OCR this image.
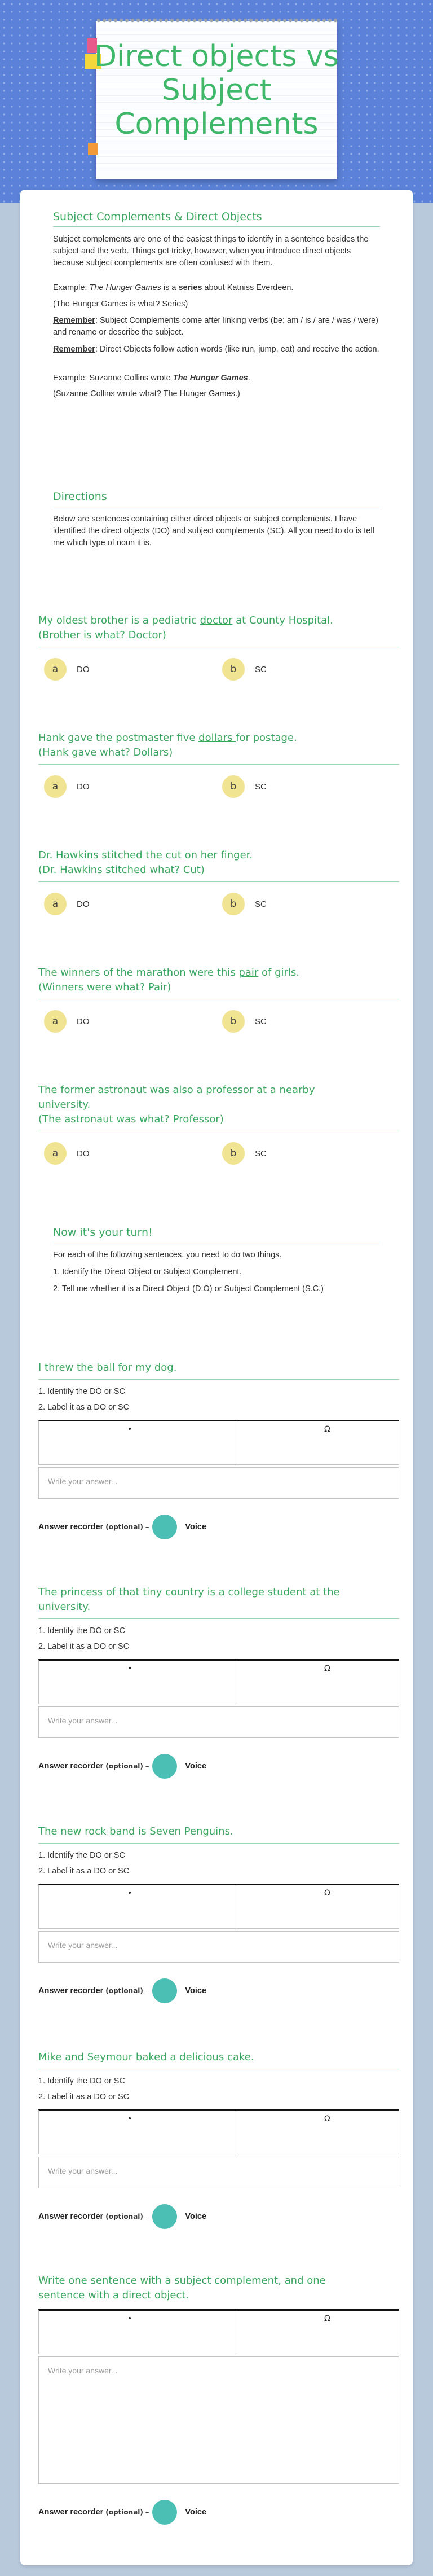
Direct objects vs Subject Complements
Subject Complements & Direct Objects
Subject complements are one of the easiest things to identify in a sentence besides the subject and the verb. Things get tricky, however, when you introduce direct objects because subject complements are often confused with them.
Example: The Hunger Games is a series about Katniss Everdeen.
(The Hunger Games is what? Series)
Remember: Subject Complements come after linking verbs (be: am / is / are / was / were) and rename or describe the subject.
Remember: Direct Objects follow action words (like run, jump, eat) and receive the action.
Example: Suzanne Collins wrote The Hunger Games.
(Suzanne Collins wrote what? The Hunger Games.)
Directions
Below are sentences containing either direct objects or subject complements. I have identified the direct objects (DO) and subject complements (SC). All you need to do is tell me which type of noun it is.
My oldest brother is a pediatric doctor at County Hospital.
(Brother is what? Doctor)
a	DO	b	SC
Hank gave the postmaster five dollars for postage.
(Hank gave what? Dollars)
a	DO	b	SC
Dr. Hawkins stitched the cut on her finger.
(Dr. Hawkins stitched what? Cut)
a	DO	b	SC
The winners of the marathon were this pair of girls.
(Winners were what? Pair)
a	DO	b	SC
The former astronaut was also a professor at a nearby
university.
(The astronaut was what? Professor)
a	DO	b	SC
Now it's your turn!
For each of the following sentences, you need to do two things.
1. Identify the Direct Object or Subject Complement.
2. Tell me whether it is a Direct Object (D.O) or Subject Complement (S.C.)
I threw the ball for my dog.
1. Identify the DO or SC
2. Label it as a DO or SC
•	Ω
Write your answer...
Answer recorder (optional) –	Voice
The princess of that tiny country is a college student at the
university.
1. Identify the DO or SC
2. Label it as a DO or SC
•	Ω
Write your answer...
Answer recorder (optional) –	Voice
The new rock band is Seven Penguins.
1. Identify the DO or SC
2. Label it as a DO or SC
•	Ω
Write your answer...
Answer recorder (optional) –	Voice
Mike and Seymour baked a delicious cake.
1. Identify the DO or SC
2. Label it as a DO or SC
•	Ω
Write your answer...
Answer recorder (optional) –	Voice
Write one sentence with a subject complement, and one
sentence with a direct object.
•	Ω
Write your answer...
Answer recorder (optional) –	Voice
